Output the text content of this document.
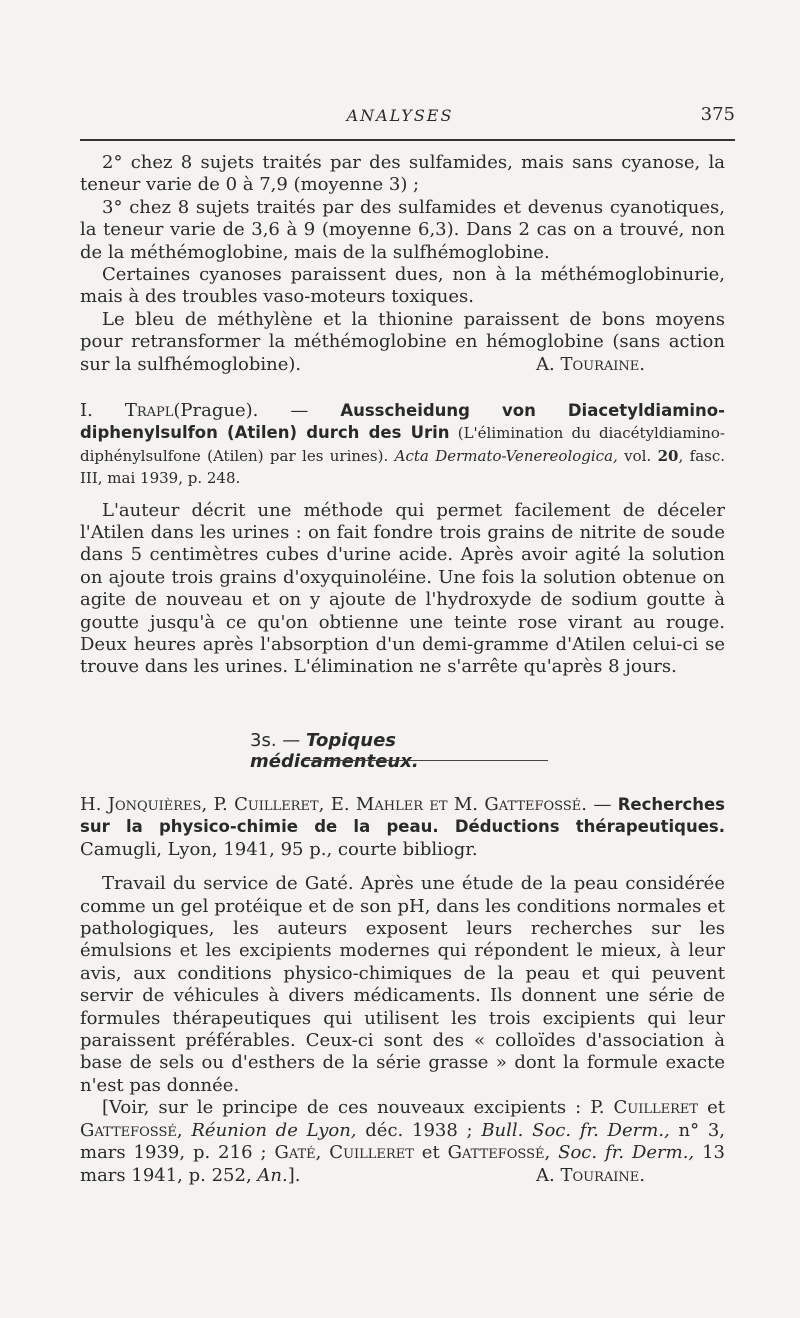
ANALYSES	375

2° chez 8 sujets traités par des sulfamides, mais sans cyanose, la teneur varie de 0 à 7,9 (moyenne 3) ;

3° chez 8 sujets traités par des sulfamides et devenus cyanotiques, la teneur varie de 3,6 à 9 (moyenne 6,3). Dans 2 cas on a trouvé, non de la méthémoglobine, mais de la sulfhémoglobine.

Certaines cyanoses paraissent dues, non à la méthémoglobinurie, mais à des troubles vaso-moteurs toxiques.

Le bleu de méthylène et la thionine paraissent de bons moyens pour retransformer la méthémoglobine en hémoglobine (sans action sur la sulfhémoglobine).	A. Touraine.

I. Trapl(Prague). — Ausscheidung von Diacetyldiamino-diphenylsulfon (Atilen) durch des Urin (L'élimination du diacétyldiamino-diphénylsulfone (Atilen) par les urines). Acta Dermato-Venereologica, vol. 20, fasc. III, mai 1939, p. 248.

L'auteur décrit une méthode qui permet facilement de déceler l'Atilen dans les urines : on fait fondre trois grains de nitrite de soude dans 5 centimètres cubes d'urine acide. Après avoir agité la solution on ajoute trois grains d'oxyquinoléine. Une fois la solution obtenue on agite de nouveau et on y ajoute de l'hydroxyde de sodium goutte à goutte jusqu'à ce qu'on obtienne une teinte rose virant au rouge. Deux heures après l'absorption d'un demi-gramme d'Atilen celui-ci se trouve dans les urines. L'élimination ne s'arrête qu'après 8 jours.

3s. — Topiques médicamenteux.

H. Jonquières, P. Cuilleret, E. Mahler et M. Gattefossé. — Recherches sur la physico-chimie de la peau. Déductions thérapeutiques. Camugli, Lyon, 1941, 95 p., courte bibliogr.

Travail du service de Gaté. Après une étude de la peau considérée comme un gel protéique et de son pH, dans les conditions normales et pathologiques, les auteurs exposent leurs recherches sur les émulsions et les excipients modernes qui répondent le mieux, à leur avis, aux conditions physico-chimiques de la peau et qui peuvent servir de véhicules à divers médicaments. Ils donnent une série de formules thérapeutiques qui utilisent les trois excipients qui leur paraissent préférables. Ceux-ci sont des « colloïdes d'association à base de sels ou d'esthers de la série grasse » dont la formule exacte n'est pas donnée.

[Voir, sur le principe de ces nouveaux excipients : P. Cuilleret et Gattefossé, Réunion de Lyon, déc. 1938 ; Bull. Soc. fr. Derm., n° 3, mars 1939, p. 216 ; Gaté, Cuilleret et Gattefossé, Soc. fr. Derm., 13 mars 1941, p. 252, An.].	A. Touraine.
